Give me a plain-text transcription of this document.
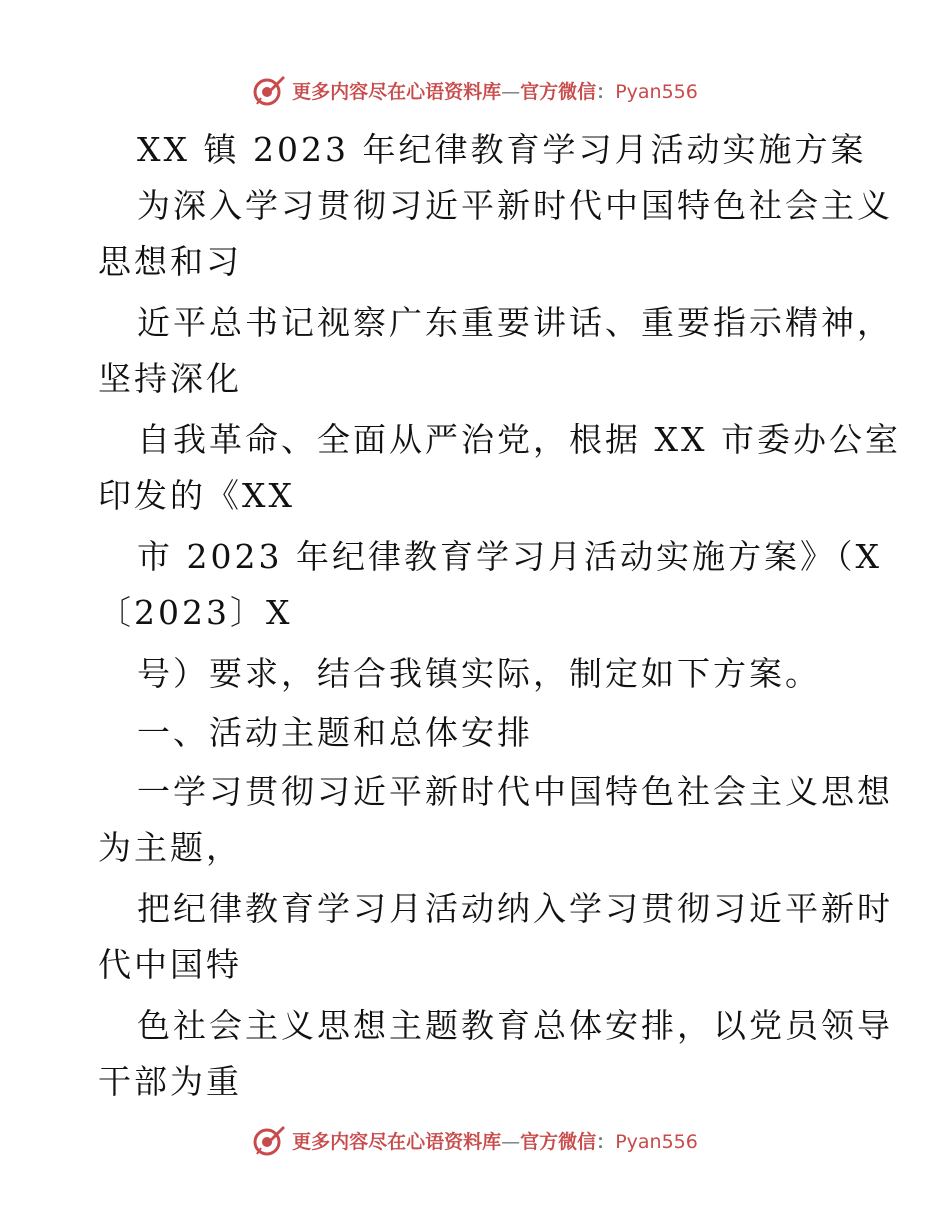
更多内容尽在心语资料库—官方微信：Pyan556
XX 镇 2023 年纪律教育学习月活动实施方案
为深入学习贯彻习近平新时代中国特色社会主义
思想和习
近平总书记视察广东重要讲话、重要指示精神，
坚持深化
自我革命、全面从严治党，根据 XX 市委办公室
印发的《XX
市 2023 年纪律教育学习月活动实施方案》（X
〔2023〕X
号）要求，结合我镇实际，制定如下方案。
一、活动主题和总体安排
一学习贯彻习近平新时代中国特色社会主义思想
为主题，
把纪律教育学习月活动纳入学习贯彻习近平新时
代中国特
色社会主义思想主题教育总体安排，以党员领导
干部为重
更多内容尽在心语资料库—官方微信：Pyan556
